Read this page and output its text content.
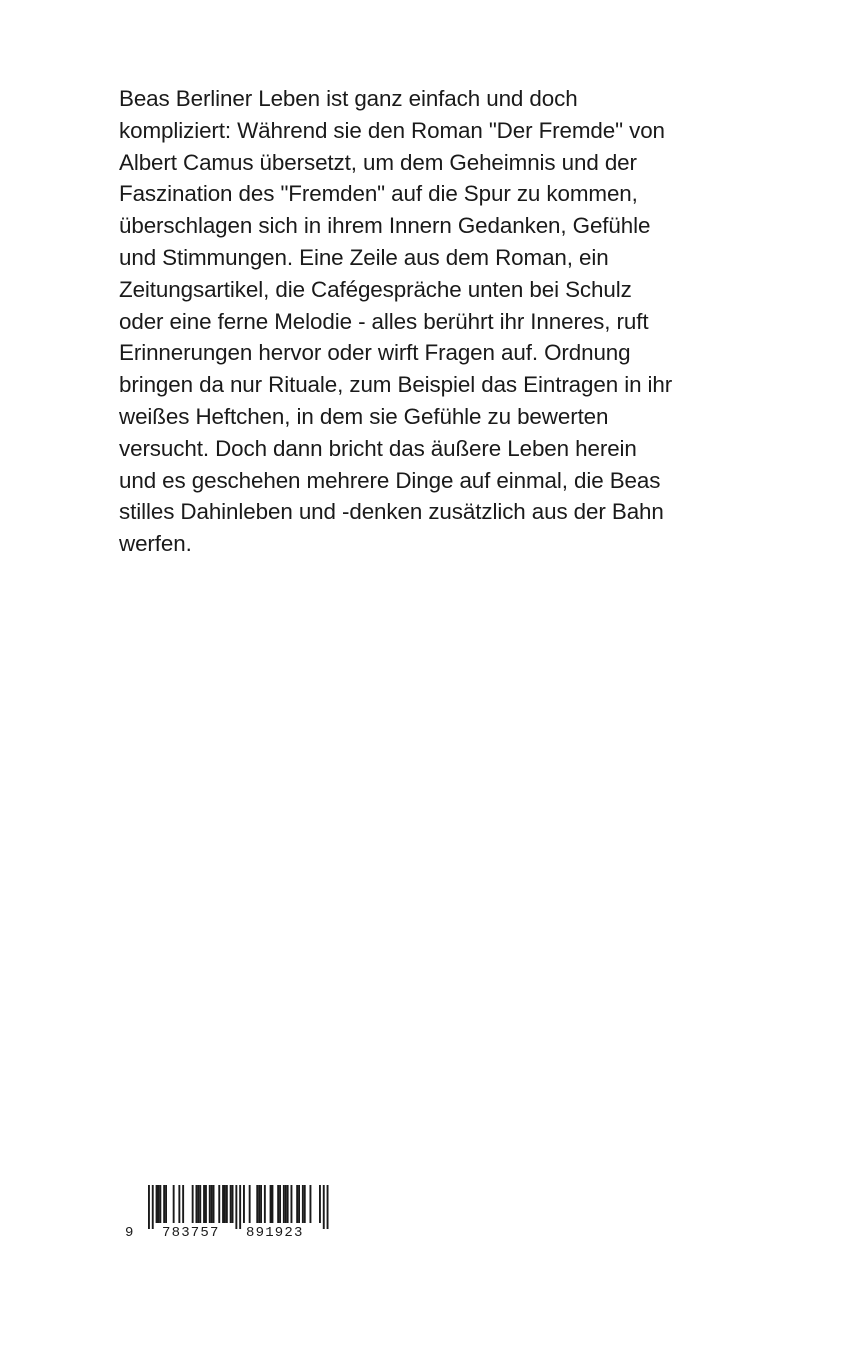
Beas Berliner Leben ist ganz einfach und doch
kompliziert: Während sie den Roman "Der Fremde" von
Albert Camus übersetzt, um dem Geheimnis und der
Faszination des "Fremden" auf die Spur zu kommen,
überschlagen sich in ihrem Innern Gedanken, Gefühle
und Stimmungen. Eine Zeile aus dem Roman, ein
Zeitungsartikel, die Cafégespräche unten bei Schulz
oder eine ferne Melodie - alles berührt ihr Inneres, ruft
Erinnerungen hervor oder wirft Fragen auf. Ordnung
bringen da nur Rituale, zum Beispiel das Eintragen in ihr
weißes Heftchen, in dem sie Gefühle zu bewerten
versucht. Doch dann bricht das äußere Leben herein
und es geschehen mehrere Dinge auf einmal, die Beas
stilles Dahinleben und -denken zusätzlich aus der Bahn
werfen.
9 783757 891923
